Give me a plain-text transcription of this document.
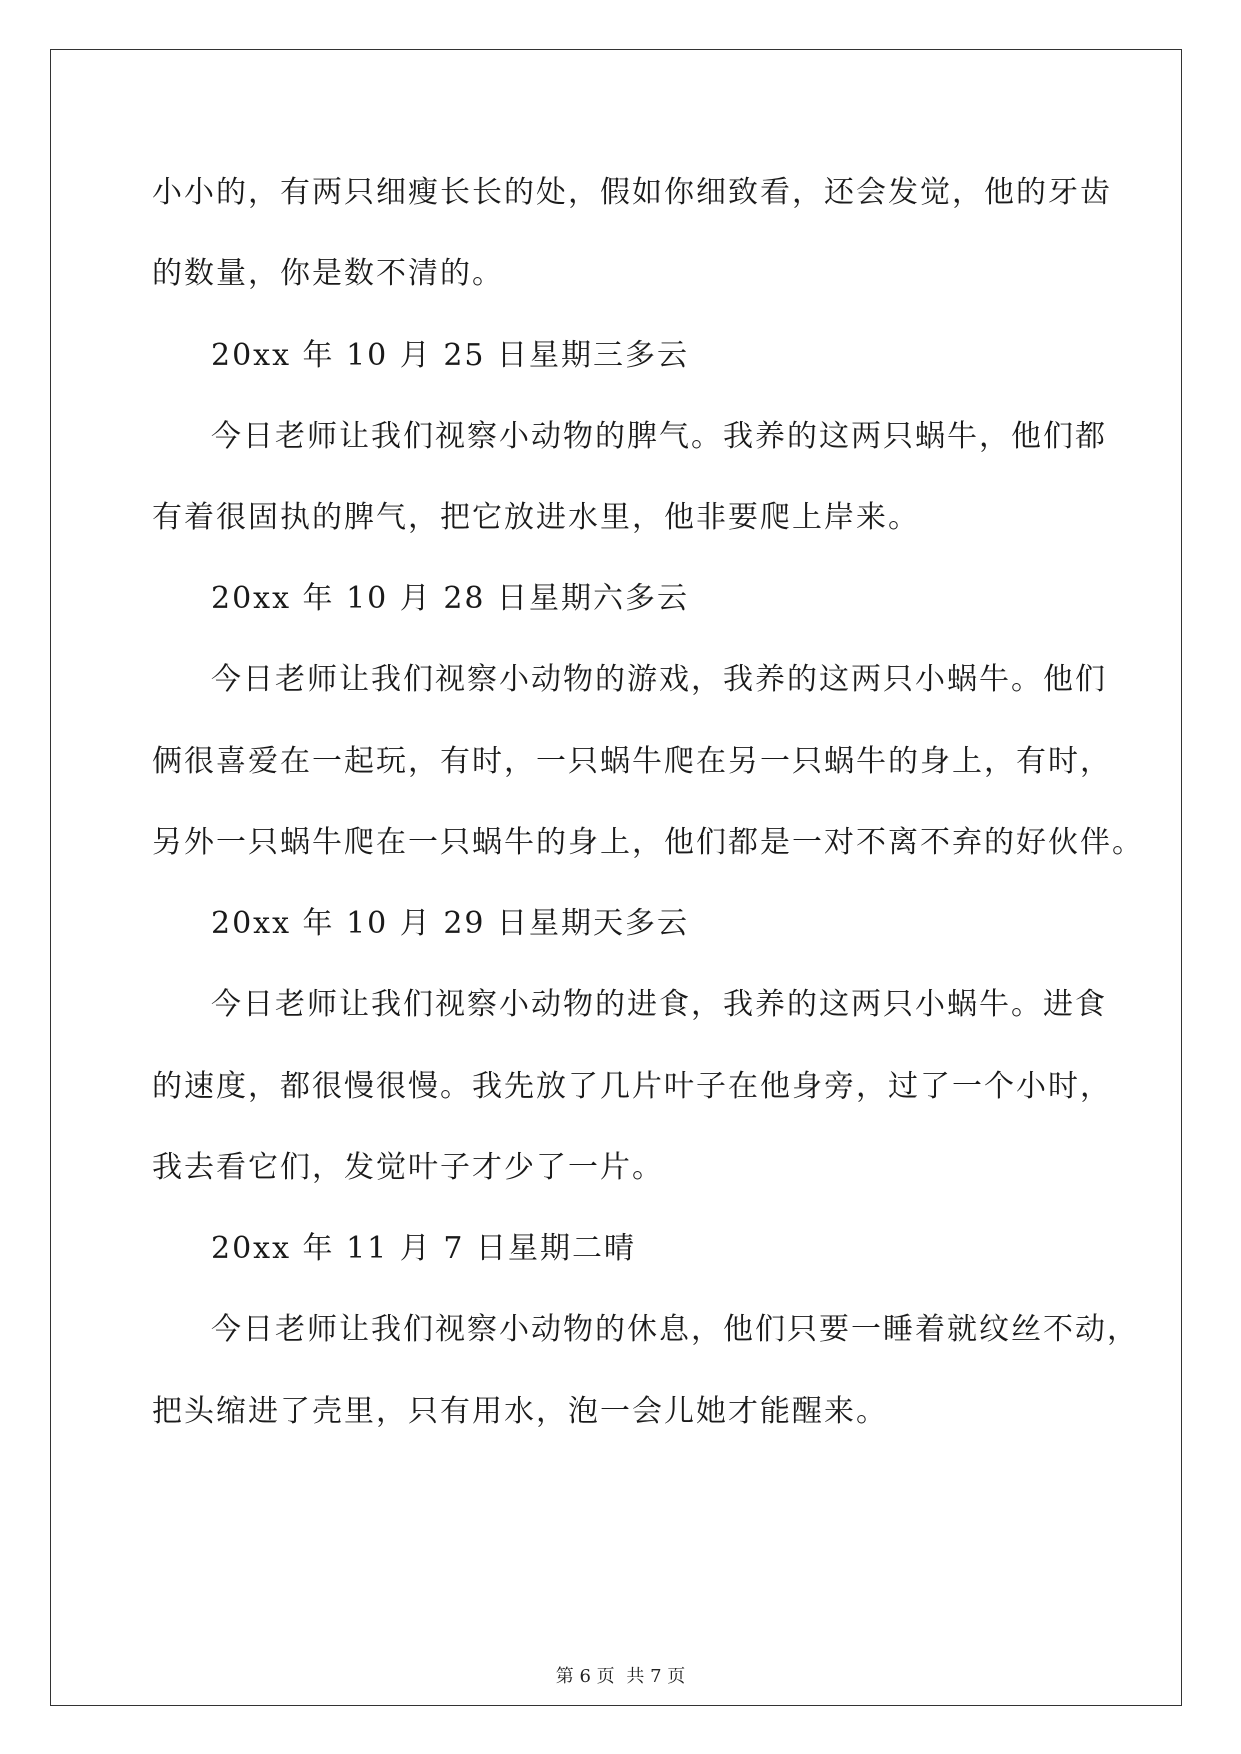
小小的，有两只细瘦长长的处，假如你细致看，还会发觉，他的牙齿
的数量，你是数不清的。
20xx 年 10 月 25 日星期三多云
今日老师让我们视察小动物的脾气。我养的这两只蜗牛，他们都
有着很固执的脾气，把它放进水里，他非要爬上岸来。
20xx 年 10 月 28 日星期六多云
今日老师让我们视察小动物的游戏，我养的这两只小蜗牛。他们
俩很喜爱在一起玩，有时，一只蜗牛爬在另一只蜗牛的身上，有时，
另外一只蜗牛爬在一只蜗牛的身上，他们都是一对不离不弃的好伙伴。
20xx 年 10 月 29 日星期天多云
今日老师让我们视察小动物的进食，我养的这两只小蜗牛。进食
的速度，都很慢很慢。我先放了几片叶子在他身旁，过了一个小时，
我去看它们，发觉叶子才少了一片。
20xx 年 11 月 7 日星期二晴
今日老师让我们视察小动物的休息，他们只要一睡着就纹丝不动，
把头缩进了壳里，只有用水，泡一会儿她才能醒来。
第 6 页 共 7 页
